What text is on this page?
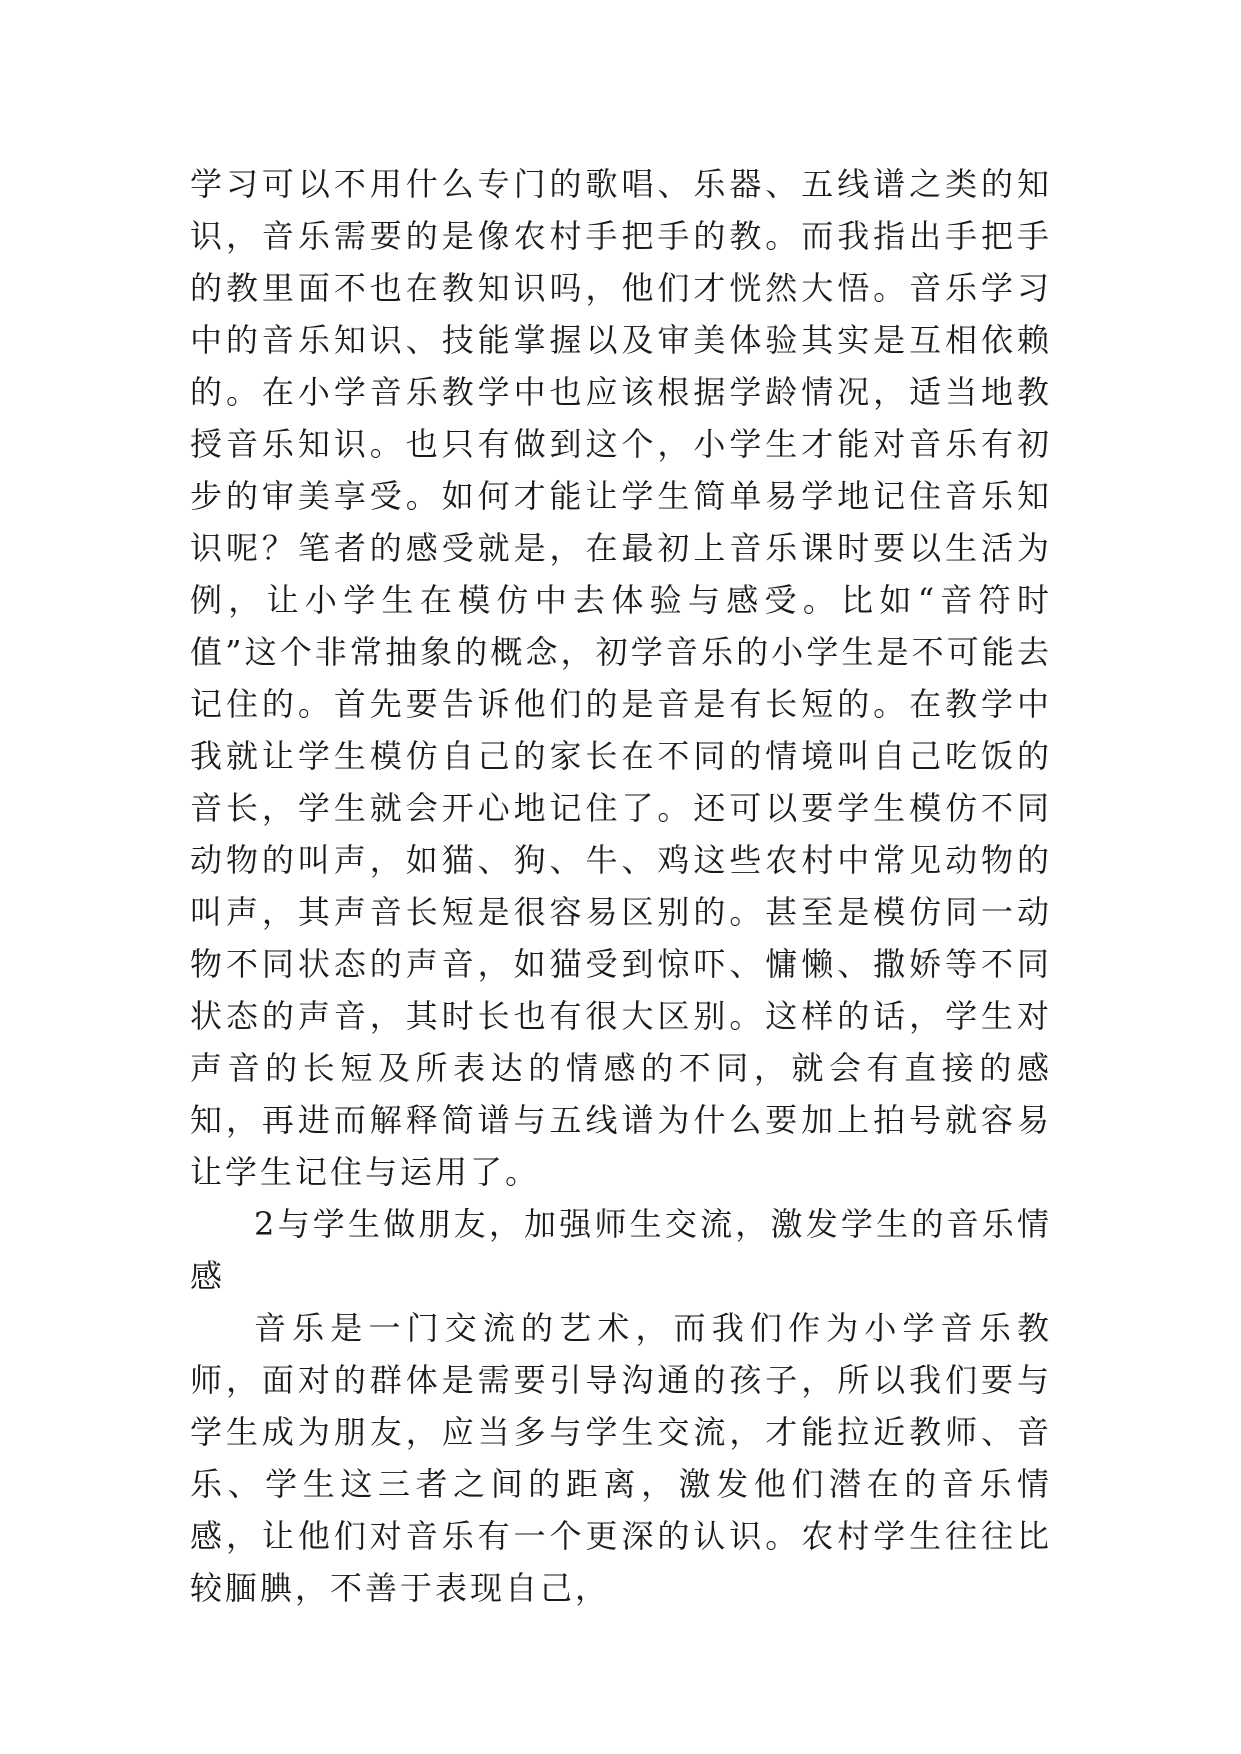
学习可以不用什么专门的歌唱、乐器、五线谱之类的知识，音乐需要的是像农村手把手的教。而我指出手把手的教里面不也在教知识吗，他们才恍然大悟。音乐学习中的音乐知识、技能掌握以及审美体验其实是互相依赖的。在小学音乐教学中也应该根据学龄情况，适当地教授音乐知识。也只有做到这个，小学生才能对音乐有初步的审美享受。如何才能让学生简单易学地记住音乐知识呢？笔者的感受就是，在最初上音乐课时要以生活为例，让小学生在模仿中去体验与感受。比如“音符时值”这个非常抽象的概念，初学音乐的小学生是不可能去记住的。首先要告诉他们的是音是有长短的。在教学中我就让学生模仿自己的家长在不同的情境叫自己吃饭的音长，学生就会开心地记住了。还可以要学生模仿不同动物的叫声，如猫、狗、牛、鸡这些农村中常见动物的叫声，其声音长短是很容易区别的。甚至是模仿同一动物不同状态的声音，如猫受到惊吓、慵懒、撒娇等不同状态的声音，其时长也有很大区别。这样的话，学生对声音的长短及所表达的情感的不同，就会有直接的感知，再进而解释简谱与五线谱为什么要加上拍号就容易让学生记住与运用了。

2与学生做朋友，加强师生交流，激发学生的音乐情感

音乐是一门交流的艺术，而我们作为小学音乐教师，面对的群体是需要引导沟通的孩子，所以我们要与学生成为朋友，应当多与学生交流，才能拉近教师、音乐、学生这三者之间的距离，激发他们潜在的音乐情感，让他们对音乐有一个更深的认识。农村学生往往比较腼腆，不善于表现自己，
